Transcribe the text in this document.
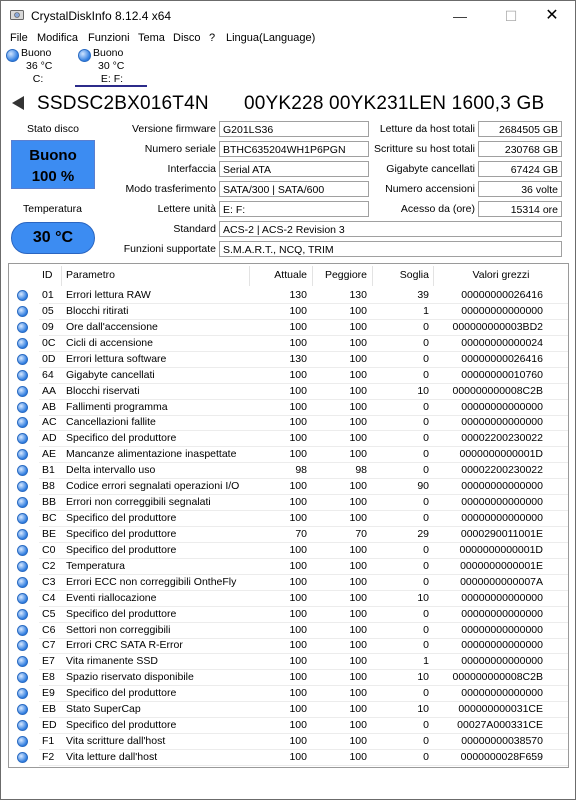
CrystalDiskInfo 8.12.4 x64	—	☐	✕
File Modifica Funzioni Tema Disco ? Lingua(Language)
Buono
36 °C
C:
Buono
30 °C
E: F:
SSDSC2BX016T4N 00YK228 00YK231LEN 1600,3 GB
Stato disco
Buono
100 %
Temperatura
30 °C
Versione firmware G201LS36
Numero seriale BTHC635204WH1P6PGN
Interfaccia Serial ATA
Modo trasferimento SATA/300 | SATA/600
Lettere unità E: F:
Standard ACS-2 | ACS-2 Revision 3
Funzioni supportate S.M.A.R.T., NCQ, TRIM
Letture da host totali	2684505 GB
Scritture su host totali	230768 GB
Gigabyte cancellati	67424 GB
Numero accensioni	36 volte
Acesso da (ore)	15314 ore
ID Parametro	Attuale	Peggiore	Soglia	Valori grezzi
01 Errori lettura RAW	130	130	39	00000000026416
05 Blocchi ritirati	100	100	1	00000000000000
09 Ore dall'accensione	100	100	0	000000000003BD2
0C Cicli di accensione	100	100	0	00000000000024
0D Errori lettura software	130	100	0	00000000026416
64 Gigabyte cancellati	100	100	0	00000000010760
AA Blocchi riservati	100	100	10	000000000008C2B
AB Fallimenti programma	100	100	0	00000000000000
AC Cancellazioni fallite	100	100	0	00000000000000
AD Specifico del produttore	100	100	0	00002200230022
AE Mancanze alimentazione inaspettate	100	100	0	0000000000001D
B1 Delta intervallo uso	98	98	0	00002200230022
B8 Codice errori segnalati operazioni I/O	100	100	90	00000000000000
BB Errori non correggibili segnalati	100	100	0	00000000000000
BC Specifico del produttore	100	100	0	00000000000000
BE Specifico del produttore	70	70	29	0000290011001E
C0 Specifico del produttore	100	100	0	0000000000001D
C2 Temperatura	100	100	0	0000000000001E
C3 Errori ECC non correggibili OntheFly	100	100	0	0000000000007A
C4 Eventi riallocazione	100	100	10	00000000000000
C5 Specifico del produttore	100	100	0	00000000000000
C6 Settori non correggibili	100	100	0	00000000000000
C7 Errori CRC SATA R-Error	100	100	0	00000000000000
E7 Vita rimanente SSD	100	100	1	00000000000000
E8 Spazio riservato disponibile	100	100	10	000000000008C2B
E9 Specifico del produttore	100	100	0	00000000000000
EB Stato SuperCap	100	100	10	000000000031CE
ED Specifico del produttore	100	100	0	00027A000331CE
F1 Vita scritture dall'host	100	100	0	00000000038570
F2 Vita letture dall'host	100	100	0	0000000028F659
